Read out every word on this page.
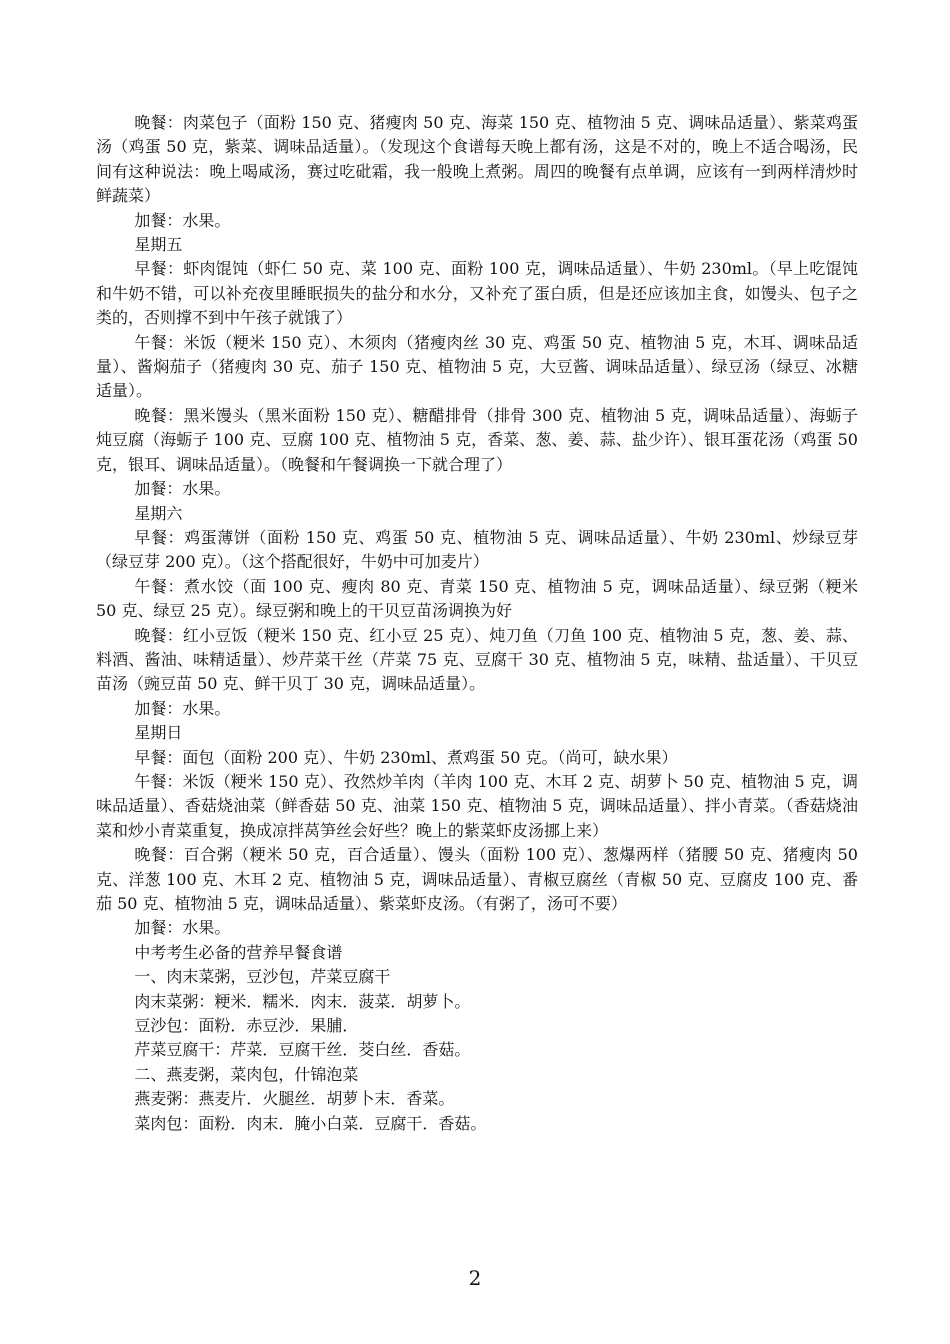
晚餐：肉菜包子（面粉 150 克、猪瘦肉 50 克、海菜 150 克、植物油 5 克、调味品适量）、紫菜鸡蛋汤（鸡蛋 50 克，紫菜、调味品适量）。（发现这个食谱每天晚上都有汤，这是不对的，晚上不适合喝汤，民间有这种说法：晚上喝咸汤，赛过吃砒霜，我一般晚上煮粥。周四的晚餐有点单调，应该有一到两样清炒时鲜蔬菜）

加餐：水果。

星期五

早餐：虾肉馄饨（虾仁 50 克、菜 100 克、面粉 100 克，调味品适量）、牛奶 230ml。（早上吃馄饨和牛奶不错，可以补充夜里睡眠损失的盐分和水分，又补充了蛋白质，但是还应该加主食，如馒头、包子之类的，否则撑不到中午孩子就饿了）

午餐：米饭（粳米 150 克）、木须肉（猪瘦肉丝 30 克、鸡蛋 50 克、植物油 5 克，木耳、调味品适量）、酱焖茄子（猪瘦肉 30 克、茄子 150 克、植物油 5 克，大豆酱、调味品适量）、绿豆汤（绿豆、冰糖适量）。

晚餐：黑米馒头（黑米面粉 150 克）、糖醋排骨（排骨 300 克、植物油 5 克，调味品适量）、海蛎子炖豆腐（海蛎子 100 克、豆腐 100 克、植物油 5 克，香菜、葱、姜、蒜、盐少许）、银耳蛋花汤（鸡蛋 50 克，银耳、调味品适量）。（晚餐和午餐调换一下就合理了）

加餐：水果。

星期六

早餐：鸡蛋薄饼（面粉 150 克、鸡蛋 50 克、植物油 5 克、调味品适量）、牛奶 230ml、炒绿豆芽（绿豆芽 200 克）。（这个搭配很好，牛奶中可加麦片）

午餐：煮水饺（面 100 克、瘦肉 80 克、青菜 150 克、植物油 5 克，调味品适量）、绿豆粥（粳米 50 克、绿豆 25 克）。绿豆粥和晚上的干贝豆苗汤调换为好

晚餐：红小豆饭（粳米 150 克、红小豆 25 克）、炖刀鱼（刀鱼 100 克、植物油 5 克，葱、姜、蒜、料酒、酱油、味精适量）、炒芹菜干丝（芹菜 75 克、豆腐干 30 克、植物油 5 克，味精、盐适量）、干贝豆苗汤（豌豆苗 50 克、鲜干贝丁 30 克，调味品适量）。

加餐：水果。

星期日

早餐：面包（面粉 200 克）、牛奶 230ml、煮鸡蛋 50 克。（尚可，缺水果）

午餐：米饭（粳米 150 克）、孜然炒羊肉（羊肉 100 克、木耳 2 克、胡萝卜 50 克、植物油 5 克，调味品适量）、香菇烧油菜（鲜香菇 50 克、油菜 150 克、植物油 5 克，调味品适量）、拌小青菜。（香菇烧油菜和炒小青菜重复，换成凉拌莴笋丝会好些？晚上的紫菜虾皮汤挪上来）

晚餐：百合粥（粳米 50 克，百合适量）、馒头（面粉 100 克）、葱爆两样（猪腰 50 克、猪瘦肉 50 克、洋葱 100 克、木耳 2 克、植物油 5 克，调味品适量）、青椒豆腐丝（青椒 50 克、豆腐皮 100 克、番茄 50 克、植物油 5 克，调味品适量）、紫菜虾皮汤。（有粥了，汤可不要）

加餐：水果。

中考考生必备的营养早餐食谱

一、肉末菜粥，豆沙包，芹菜豆腐干

肉末菜粥：粳米．糯米．肉末．菠菜．胡萝卜。

豆沙包：面粉．赤豆沙．果脯．

芹菜豆腐干：芹菜．豆腐干丝．茭白丝．香菇。

二、燕麦粥，菜肉包，什锦泡菜

燕麦粥：燕麦片．火腿丝．胡萝卜末．香菜。

菜肉包：面粉．肉末．腌小白菜．豆腐干．香菇。

2
